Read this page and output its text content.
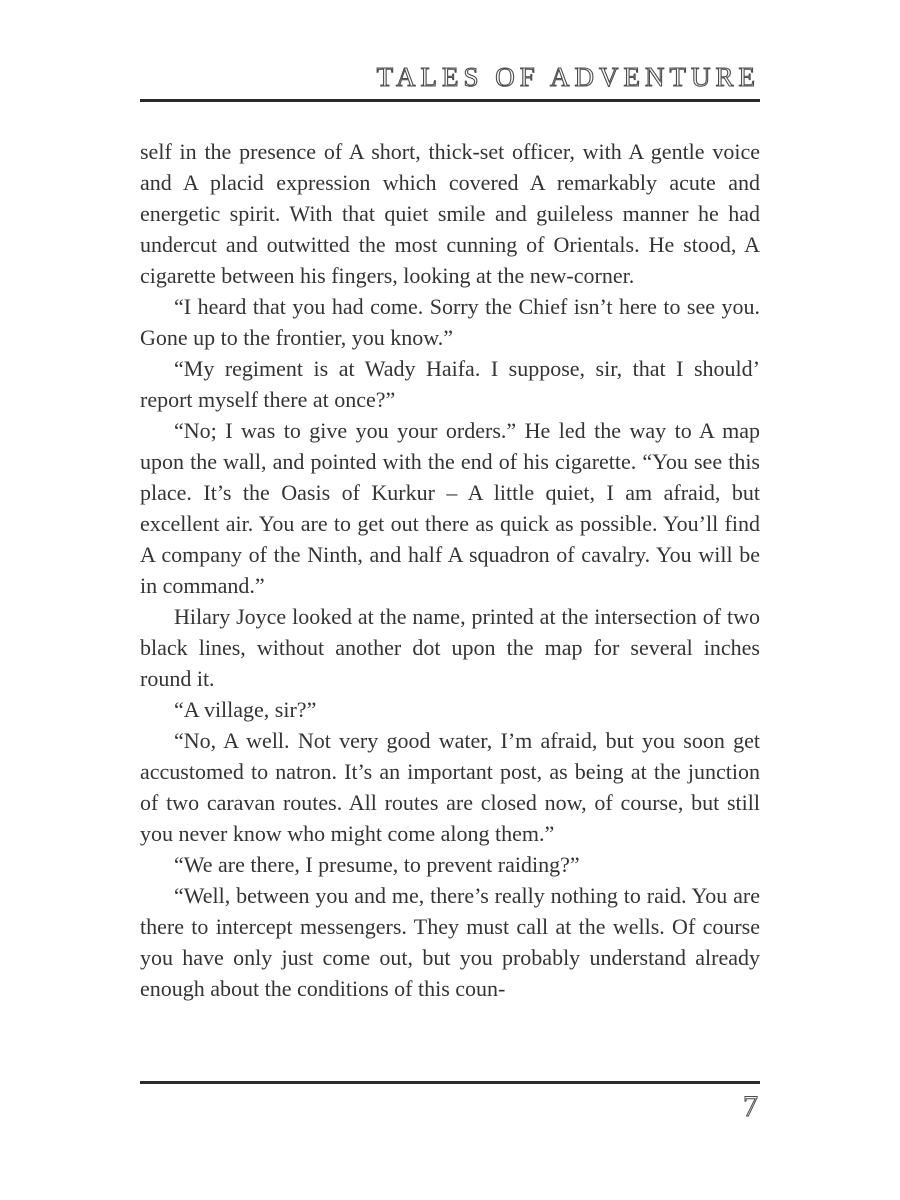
TALES OF ADVENTURE

self in the presence of A short, thick-set officer, with A gentle voice and A placid expression which covered A remarkably acute and energetic spirit. With that quiet smile and guileless manner he had undercut and outwitted the most cunning of Orientals. He stood, A cigarette between his fingers, looking at the new-corner.

“I heard that you had come. Sorry the Chief isn’t here to see you. Gone up to the frontier, you know.”

“My regiment is at Wady Haifa. I suppose, sir, that I should’ report myself there at once?”

“No; I was to give you your orders.” He led the way to A map upon the wall, and pointed with the end of his cigarette. “You see this place. It’s the Oasis of Kurkur – A little quiet, I am afraid, but excellent air. You are to get out there as quick as possible. You’ll find A company of the Ninth, and half A squadron of cavalry. You will be in command.”

Hilary Joyce looked at the name, printed at the intersection of two black lines, without another dot upon the map for several inches round it.

“A village, sir?”

“No, A well. Not very good water, I’m afraid, but you soon get accustomed to natron. It’s an important post, as being at the junction of two caravan routes. All routes are closed now, of course, but still you never know who might come along them.”

“We are there, I presume, to prevent raiding?”

“Well, between you and me, there’s really nothing to raid. You are there to intercept messengers. They must call at the wells. Of course you have only just come out, but you probably understand already enough about the conditions of this coun-

7
